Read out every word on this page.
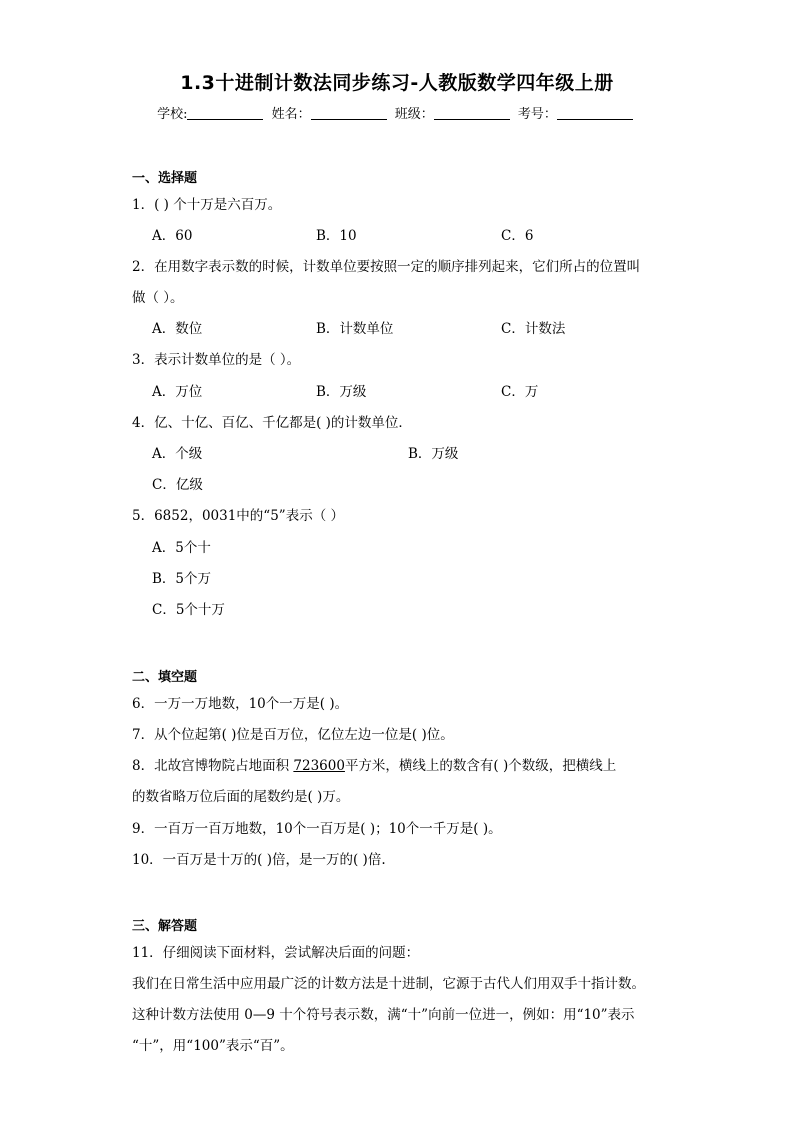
1.3十进制计数法同步练习-人教版数学四年级上册
学校:	姓名：	班级：	考号：
一、选择题
1．( ) 个十万是六百万。
A．60	B．10	C．6
2．在用数字表示数的时候，计数单位要按照一定的顺序排列起来，它们所占的位置叫
做（ ）。
A．数位	B．计数单位	C．计数法
3．表示计数单位的是（ ）。
A．万位	B．万级	C．万
4．亿、十亿、百亿、千亿都是( )的计数单位．
A．个级	B．万级
C．亿级
5．6852，0031中的“5”表示（ ）
A．5个十
B．5个万
C．5个十万
二、填空题
6．一万一万地数，10个一万是( )。
7．从个位起第( )位是百万位，亿位左边一位是( )位。
8．北故宫博物院占地面积 723600平方米，横线上的数含有( )个数级，把横线上
的数省略万位后面的尾数约是( )万。
9．一百万一百万地数，10个一百万是( )；10个一千万是( )。
10．一百万是十万的( )倍，是一万的( )倍.
三、解答题
11．仔细阅读下面材料，尝试解决后面的问题：
我们在日常生活中应用最广泛的计数方法是十进制，它源于古代人们用双手十指计数。
这种计数方法使用 0—9 十个符号表示数，满“十”向前一位进一，例如：用“10”表示
“十”，用“100”表示“百”。
